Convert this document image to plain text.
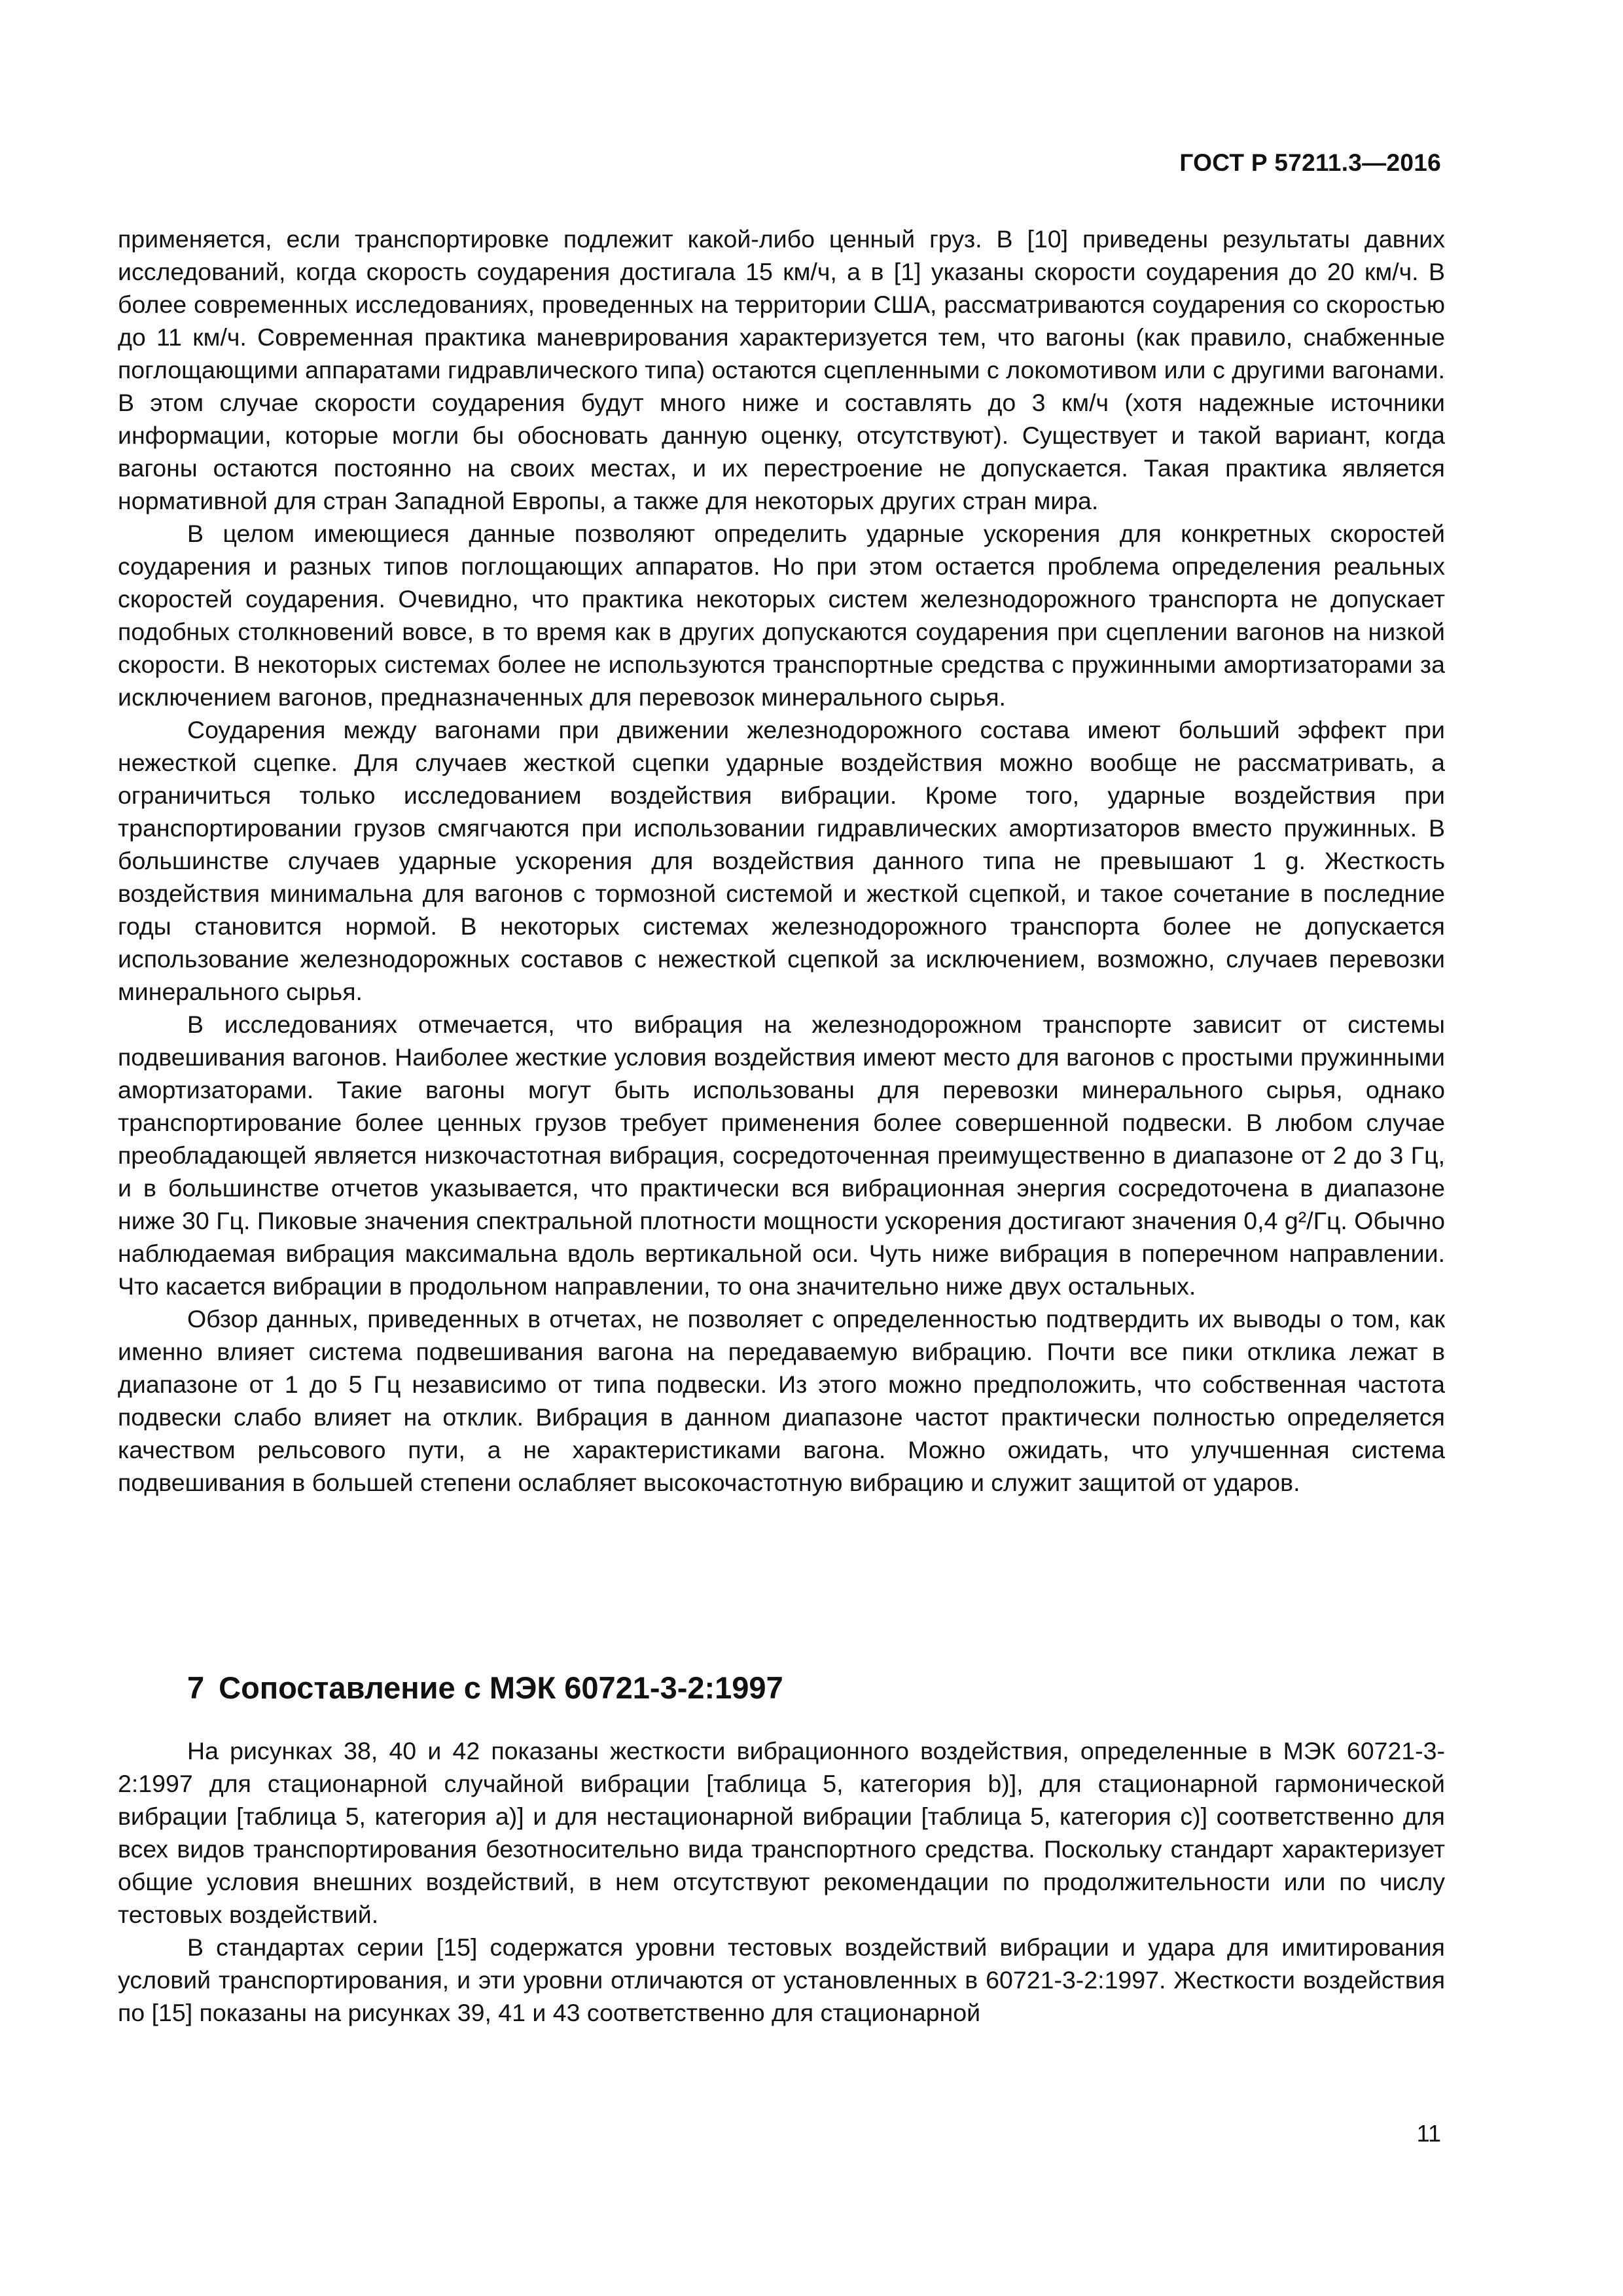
ГОСТ Р 57211.3—2016

применяется, если транспортировке подлежит какой-либо ценный груз. В [10] приведены результаты давних исследований, когда скорость соударения достигала 15 км/ч, а в [1] указаны скорости соударения до 20 км/ч. В более современных исследованиях, проведенных на территории США, рассматриваются соударения со скоростью до 11 км/ч. Современная практика маневрирования характеризуется тем, что вагоны (как правило, снабженные поглощающими аппаратами гидравлического типа) остаются сцепленными с локомотивом или с другими вагонами. В этом случае скорости соударения будут много ниже и составлять до 3 км/ч (хотя надежные источники информации, которые могли бы обосновать данную оценку, отсутствуют). Существует и такой вариант, когда вагоны остаются постоянно на своих местах, и их перестроение не допускается. Такая практика является нормативной для стран Западной Европы, а также для некоторых других стран мира.

В целом имеющиеся данные позволяют определить ударные ускорения для конкретных скоростей соударения и разных типов поглощающих аппаратов. Но при этом остается проблема определения реальных скоростей соударения. Очевидно, что практика некоторых систем железнодорожного транспорта не допускает подобных столкновений вовсе, в то время как в других допускаются соударения при сцеплении вагонов на низкой скорости. В некоторых системах более не используются транспортные средства с пружинными амортизаторами за исключением вагонов, предназначенных для перевозок минерального сырья.

Соударения между вагонами при движении железнодорожного состава имеют больший эффект при нежесткой сцепке. Для случаев жесткой сцепки ударные воздействия можно вообще не рассматривать, а ограничиться только исследованием воздействия вибрации. Кроме того, ударные воздействия при транспортировании грузов смягчаются при использовании гидравлических амортизаторов вместо пружинных. В большинстве случаев ударные ускорения для воздействия данного типа не превышают 1 g. Жесткость воздействия минимальна для вагонов с тормозной системой и жесткой сцепкой, и такое сочетание в последние годы становится нормой. В некоторых системах железнодорожного транспорта более не допускается использование железнодорожных составов с нежесткой сцепкой за исключением, возможно, случаев перевозки минерального сырья.

В исследованиях отмечается, что вибрация на железнодорожном транспорте зависит от системы подвешивания вагонов. Наиболее жесткие условия воздействия имеют место для вагонов с простыми пружинными амортизаторами. Такие вагоны могут быть использованы для перевозки минерального сырья, однако транспортирование более ценных грузов требует применения более совершенной подвески. В любом случае преобладающей является низкочастотная вибрация, сосредоточенная преимущественно в диапазоне от 2 до 3 Гц, и в большинстве отчетов указывается, что практически вся вибрационная энергия сосредоточена в диапазоне ниже 30 Гц. Пиковые значения спектральной плотности мощности ускорения достигают значения 0,4 g²/Гц. Обычно наблюдаемая вибрация максимальна вдоль вертикальной оси. Чуть ниже вибрация в поперечном направлении. Что касается вибрации в продольном направлении, то она значительно ниже двух остальных.

Обзор данных, приведенных в отчетах, не позволяет с определенностью подтвердить их выводы о том, как именно влияет система подвешивания вагона на передаваемую вибрацию. Почти все пики отклика лежат в диапазоне от 1 до 5 Гц независимо от типа подвески. Из этого можно предположить, что собственная частота подвески слабо влияет на отклик. Вибрация в данном диапазоне частот практически полностью определяется качеством рельсового пути, а не характеристиками вагона. Можно ожидать, что улучшенная система подвешивания в большей степени ослабляет высокочастотную вибрацию и служит защитой от ударов.

7 Сопоставление с МЭК 60721-3-2:1997

На рисунках 38, 40 и 42 показаны жесткости вибрационного воздействия, определенные в МЭК 60721-3-2:1997 для стационарной случайной вибрации [таблица 5, категория b)], для стационарной гармонической вибрации [таблица 5, категория a)] и для нестационарной вибрации [таблица 5, категория c)] соответственно для всех видов транспортирования безотносительно вида транспортного средства. Поскольку стандарт характеризует общие условия внешних воздействий, в нем отсутствуют рекомендации по продолжительности или по числу тестовых воздействий.

В стандартах серии [15] содержатся уровни тестовых воздействий вибрации и удара для имитирования условий транспортирования, и эти уровни отличаются от установленных в 60721-3-2:1997. Жесткости воздействия по [15] показаны на рисунках 39, 41 и 43 соответственно для стационарной

11
